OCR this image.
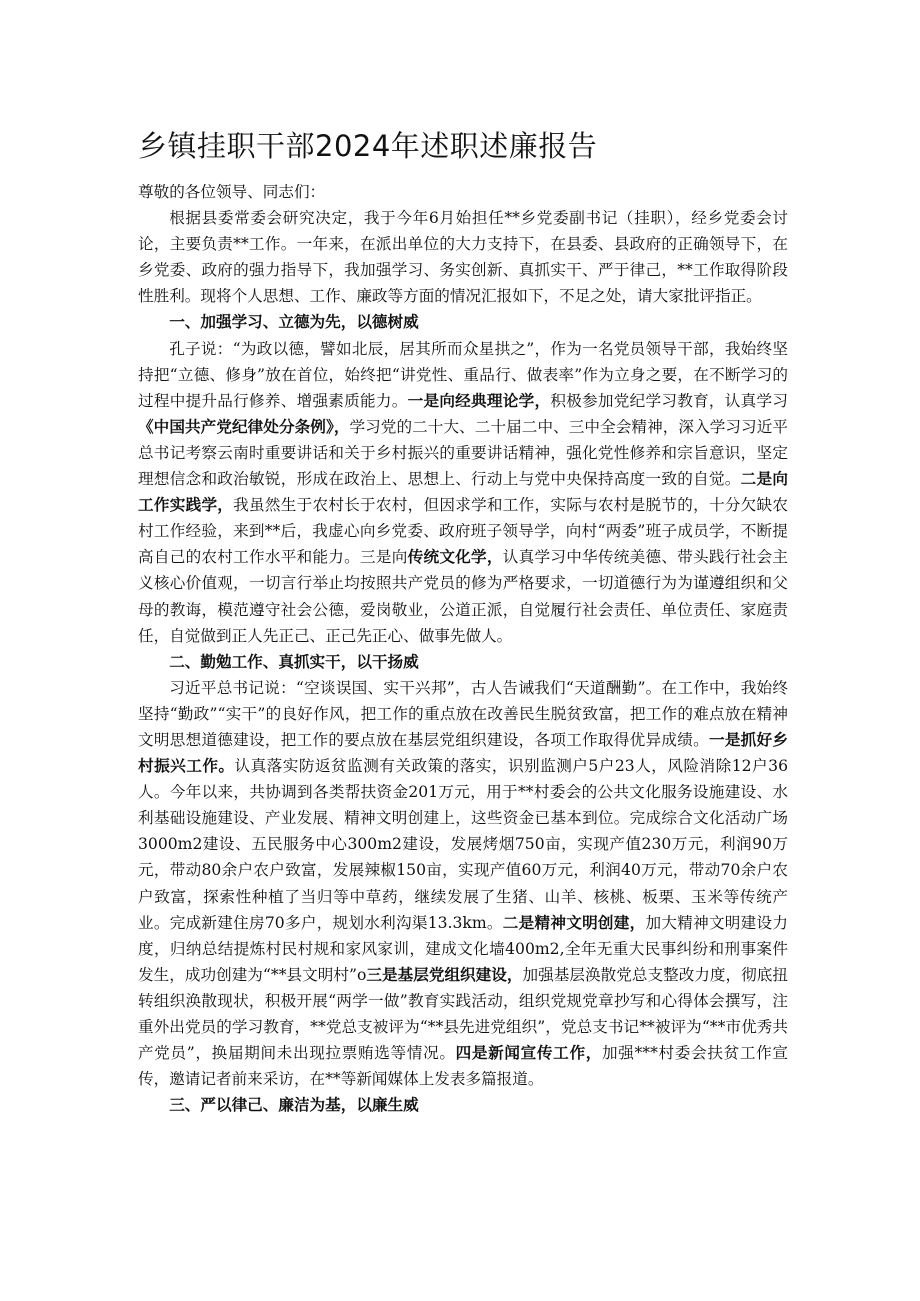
乡镇挂职干部2024年述职述廉报告

尊敬的各位领导、同志们：

根据县委常委会研究决定，我于今年6月始担任**乡党委副书记（挂职），经乡党委会讨论，主要负责**工作。一年来，在派出单位的大力支持下，在县委、县政府的正确领导下，在乡党委、政府的强力指导下，我加强学习、务实创新、真抓实干、严于律己，**工作取得阶段性胜利。现将个人思想、工作、廉政等方面的情况汇报如下，不足之处，请大家批评指正。

一、加强学习、立德为先，以德树威

孔子说：“为政以德，譬如北辰，居其所而众星拱之”，作为一名党员领导干部，我始终坚持把“立德、修身”放在首位，始终把“讲党性、重品行、做表率”作为立身之要，在不断学习的过程中提升品行修养、增强素质能力。一是向经典理论学，积极参加党纪学习教育，认真学习《中国共产党纪律处分条例》，学习党的二十大、二十届二中、三中全会精神，深入学习习近平总书记考察云南时重要讲话和关于乡村振兴的重要讲话精神，强化党性修养和宗旨意识，坚定理想信念和政治敏锐，形成在政治上、思想上、行动上与党中央保持高度一致的自觉。二是向工作实践学，我虽然生于农村长于农村，但因求学和工作，实际与农村是脱节的，十分欠缺农村工作经验，来到**后，我虚心向乡党委、政府班子领导学，向村“两委”班子成员学，不断提高自己的农村工作水平和能力。三是向传统文化学，认真学习中华传统美德、带头践行社会主义核心价值观，一切言行举止均按照共产党员的修为严格要求，一切道德行为为谨遵组织和父母的教诲，模范遵守社会公德，爱岗敬业，公道正派，自觉履行社会责任、单位责任、家庭责任，自觉做到正人先正己、正己先正心、做事先做人。

二、勤勉工作、真抓实干，以干扬威

习近平总书记说：“空谈误国、实干兴邦”，古人告诫我们“天道酬勤”。在工作中，我始终坚持“勤政”“实干”的良好作风，把工作的重点放在改善民生脱贫致富，把工作的难点放在精神文明思想道德建设，把工作的要点放在基层党组织建设，各项工作取得优异成绩。一是抓好乡村振兴工作。认真落实防返贫监测有关政策的落实，识别监测户5户23人，风险消除12户36人。今年以来，共协调到各类帮扶资金201万元，用于**村委会的公共文化服务设施建设、水利基础设施建设、产业发展、精神文明创建上，这些资金已基本到位。完成综合文化活动广场3000m2建设、五民服务中心300m2建设，发展烤烟750亩，实现产值230万元，利润90万元，带动80余户农户致富，发展辣椒150亩，实现产值60万元，利润40万元，带动70余户农户致富，探索性种植了当归等中草药，继续发展了生猪、山羊、核桃、板栗、玉米等传统产业。完成新建住房70多户，规划水利沟渠13.3km。二是精神文明创建，加大精神文明建设力度，归纳总结提炼村民村规和家风家训，建成文化墙400m2,全年无重大民事纠纷和刑事案件发生，成功创建为“**县文明村”o三是基层党组织建设，加强基层涣散党总支整改力度，彻底扭转组织涣散现状，积极开展“两学一做”教育实践活动，组织党规党章抄写和心得体会撰写，注重外出党员的学习教育，**党总支被评为“**县先进党组织”，党总支书记**被评为“**市优秀共产党员”，换届期间未出现拉票贿选等情况。四是新闻宣传工作，加强***村委会扶贫工作宣传，邀请记者前来采访，在**等新闻媒体上发表多篇报道。

三、严以律己、廉洁为基，以廉生威
